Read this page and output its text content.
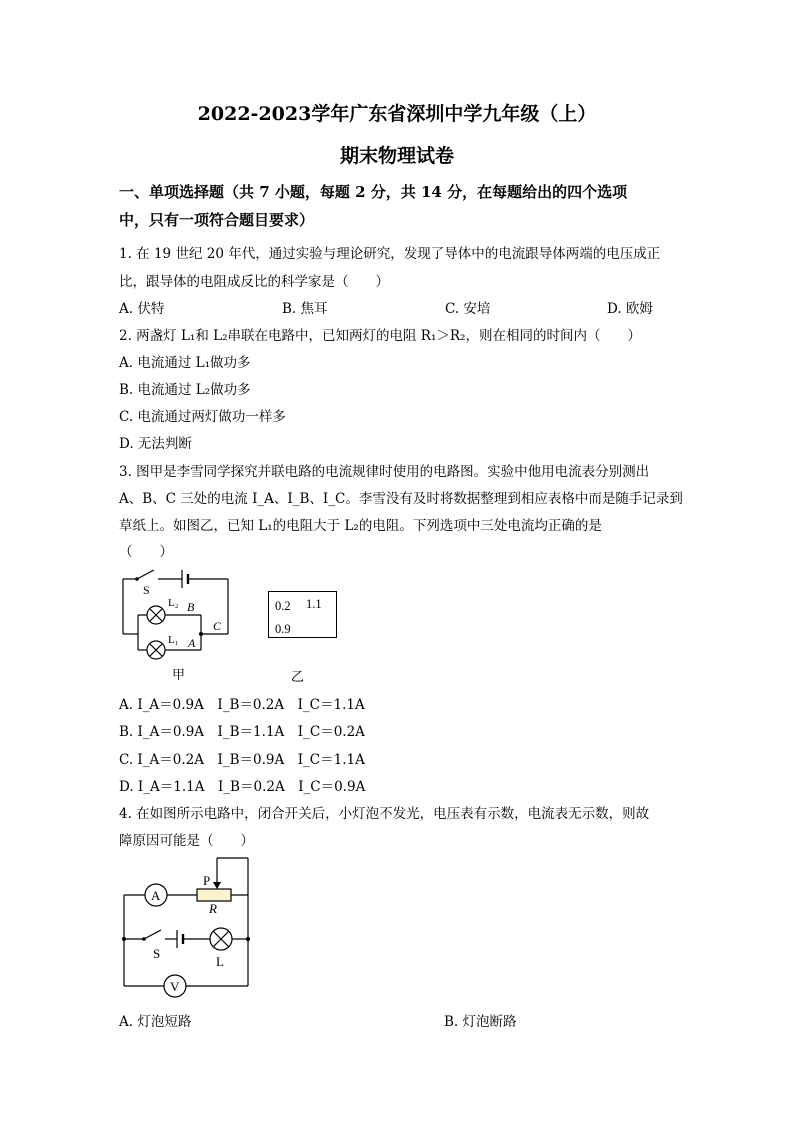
2022-2023学年广东省深圳中学九年级（上）
期末物理试卷
一、单项选择题（共 7 小题，每题 2 分，共 14 分，在每题给出的四个选项
中，只有一项符合题目要求）
1. 在 19 世纪 20 年代，通过实验与理论研究，发现了导体中的电流跟导体两端的电压成正
比，跟导体的电阻成反比的科学家是（　　）
A. 伏特	B. 焦耳	C. 安培	D. 欧姆
2. 两盏灯 L₁和 L₂串联在电路中，已知两灯的电阻 R₁＞R₂，则在相同的时间内（　　）
A. 电流通过 L₁做功多
B. 电流通过 L₂做功多
C. 电流通过两灯做功一样多
D. 无法判断
3. 图甲是李雪同学探究并联电路的电流规律时使用的电路图。实验中他用电流表分别测出
A、B、C 三处的电流 I_A、I_B、I_C。李雪没有及时将数据整理到相应表格中而是随手记录到
草纸上。如图乙，已知 L₁的电阻大于 L₂的电阻。下列选项中三处电流均正确的是
（　　）
S
L₂ B
L₁ A
C
甲
0.2 1.1
0.9
乙
A. I_A＝0.9A　I_B＝0.2A　I_C＝1.1A
B. I_A＝0.9A　I_B＝1.1A　I_C＝0.2A
C. I_A＝0.2A　I_B＝0.9A　I_C＝1.1A
D. I_A＝1.1A　I_B＝0.2A　I_C＝0.9A
4. 在如图所示电路中，闭合开关后，小灯泡不发光，电压表有示数，电流表无示数，则故
障原因可能是（　　）
A
P
R
S
L
V
A. 灯泡短路	B. 灯泡断路
